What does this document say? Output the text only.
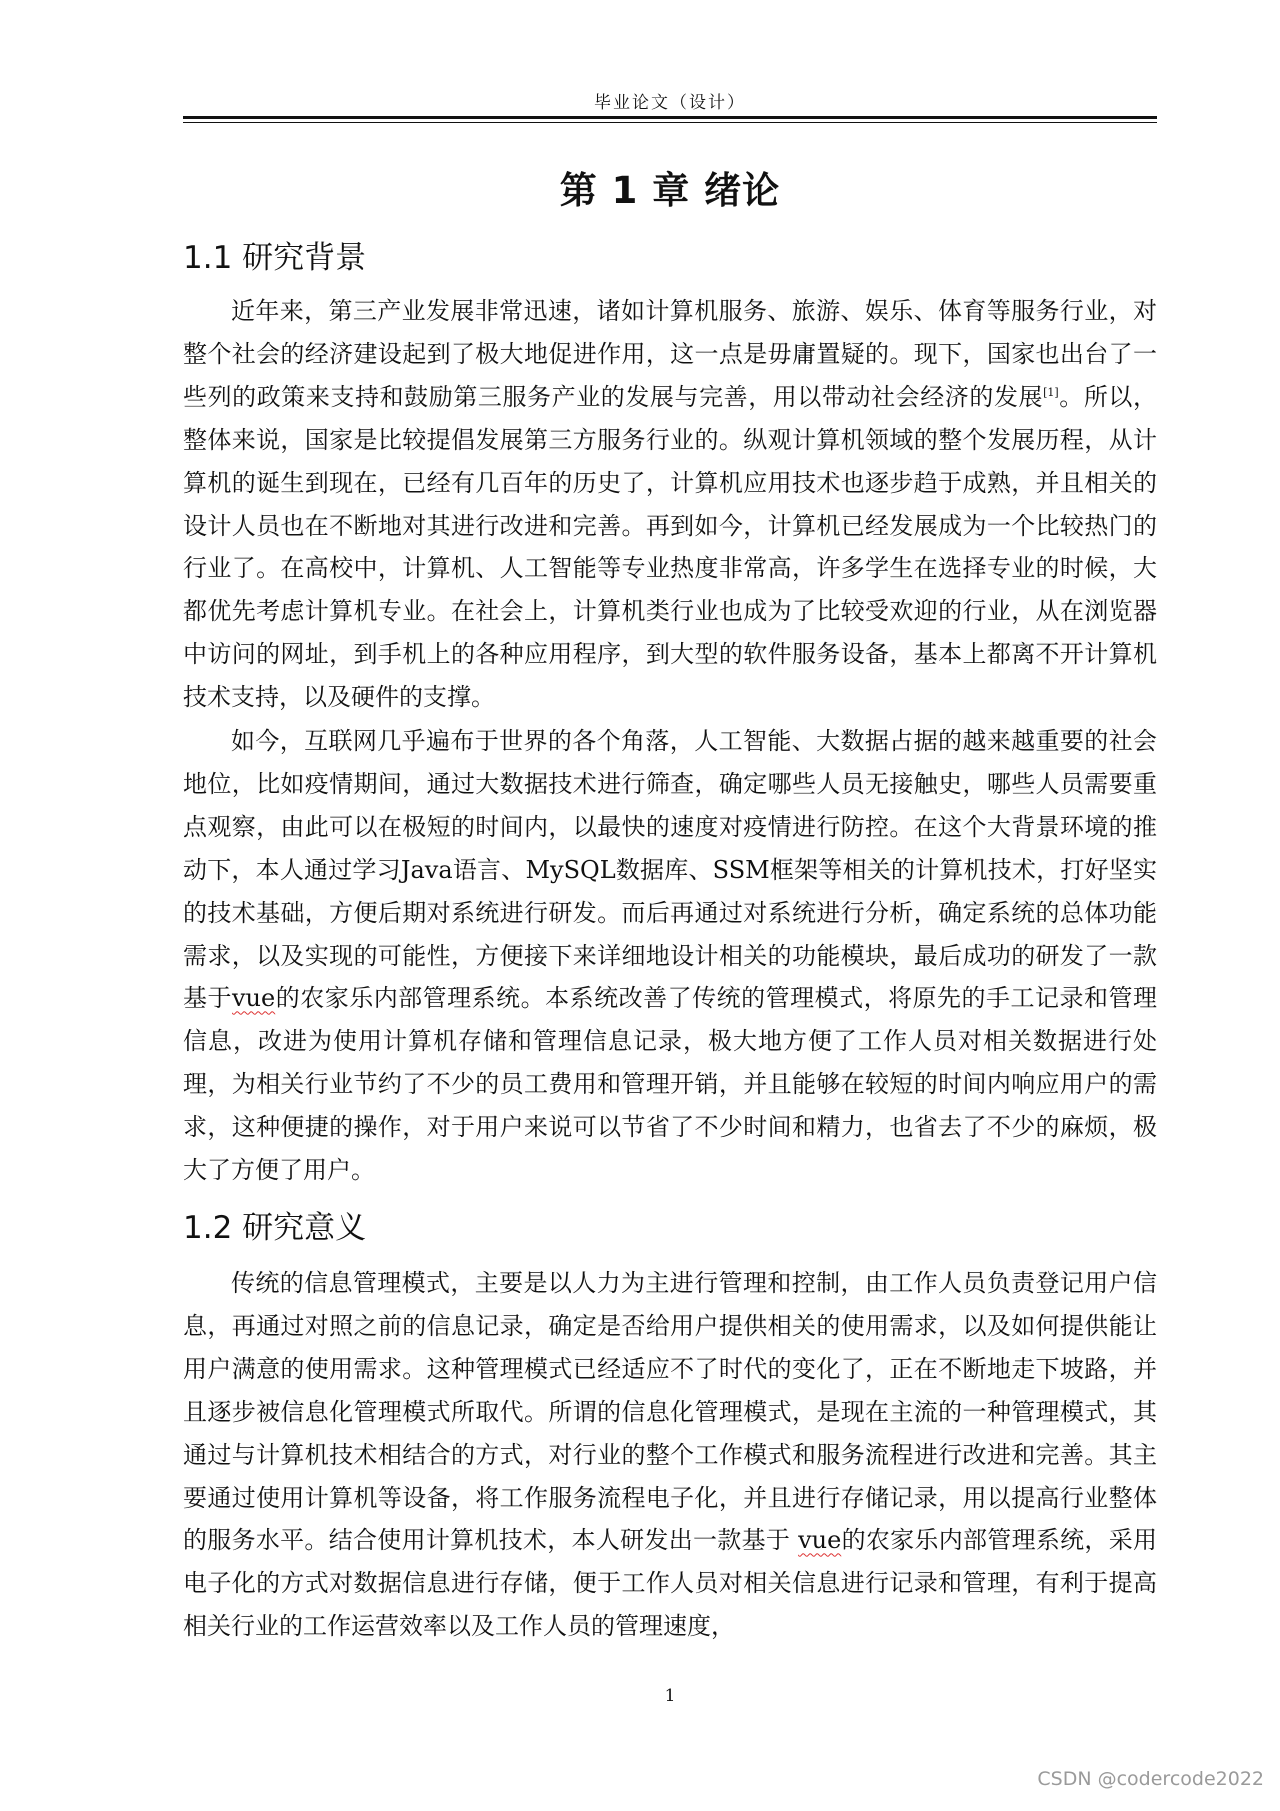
毕业论文（设计）
第 1 章 绪论
1.1 研究背景

近年来，第三产业发展非常迅速，诸如计算机服务、旅游、娱乐、体育等服务行业，对整个社会的经济建设起到了极大地促进作用，这一点是毋庸置疑的。现下，国家也出台了一些列的政策来支持和鼓励第三服务产业的发展与完善，用以带动社会经济的发展[1]。所以，整体来说，国家是比较提倡发展第三方服务行业的。纵观计算机领域的整个发展历程，从计算机的诞生到现在，已经有几百年的历史了，计算机应用技术也逐步趋于成熟，并且相关的设计人员也在不断地对其进行改进和完善。再到如今，计算机已经发展成为一个比较热门的行业了。在高校中，计算机、人工智能等专业热度非常高，许多学生在选择专业的时候，大都优先考虑计算机专业。在社会上，计算机类行业也成为了比较受欢迎的行业，从在浏览器中访问的网址，到手机上的各种应用程序，到大型的软件服务设备，基本上都离不开计算机技术支持，以及硬件的支撑。

如今，互联网几乎遍布于世界的各个角落，人工智能、大数据占据的越来越重要的社会地位，比如疫情期间，通过大数据技术进行筛查，确定哪些人员无接触史，哪些人员需要重点观察，由此可以在极短的时间内，以最快的速度对疫情进行防控。在这个大背景环境的推动下，本人通过学习Java语言、MySQL数据库、SSM框架等相关的计算机技术，打好坚实的技术基础，方便后期对系统进行研发。而后再通过对系统进行分析，确定系统的总体功能需求，以及实现的可能性，方便接下来详细地设计相关的功能模块，最后成功的研发了一款基于vue的农家乐内部管理系统。本系统改善了传统的管理模式，将原先的手工记录和管理信息，改进为使用计算机存储和管理信息记录，极大地方便了工作人员对相关数据进行处理，为相关行业节约了不少的员工费用和管理开销，并且能够在较短的时间内响应用户的需求，这种便捷的操作，对于用户来说可以节省了不少时间和精力，也省去了不少的麻烦，极大了方便了用户。

1.2 研究意义

传统的信息管理模式，主要是以人力为主进行管理和控制，由工作人员负责登记用户信息，再通过对照之前的信息记录，确定是否给用户提供相关的使用需求，以及如何提供能让用户满意的使用需求。这种管理模式已经适应不了时代的变化了，正在不断地走下坡路，并且逐步被信息化管理模式所取代。所谓的信息化管理模式，是现在主流的一种管理模式，其通过与计算机技术相结合的方式，对行业的整个工作模式和服务流程进行改进和完善。其主要通过使用计算机等设备，将工作服务流程电子化，并且进行存储记录，用以提高行业整体的服务水平。结合使用计算机技术，本人研发出一款基于 vue的农家乐内部管理系统，采用电子化的方式对数据信息进行存储，便于工作人员对相关信息进行记录和管理，有利于提高相关行业的工作运营效率以及工作人员的管理速度，

1
CSDN @codercode2022
